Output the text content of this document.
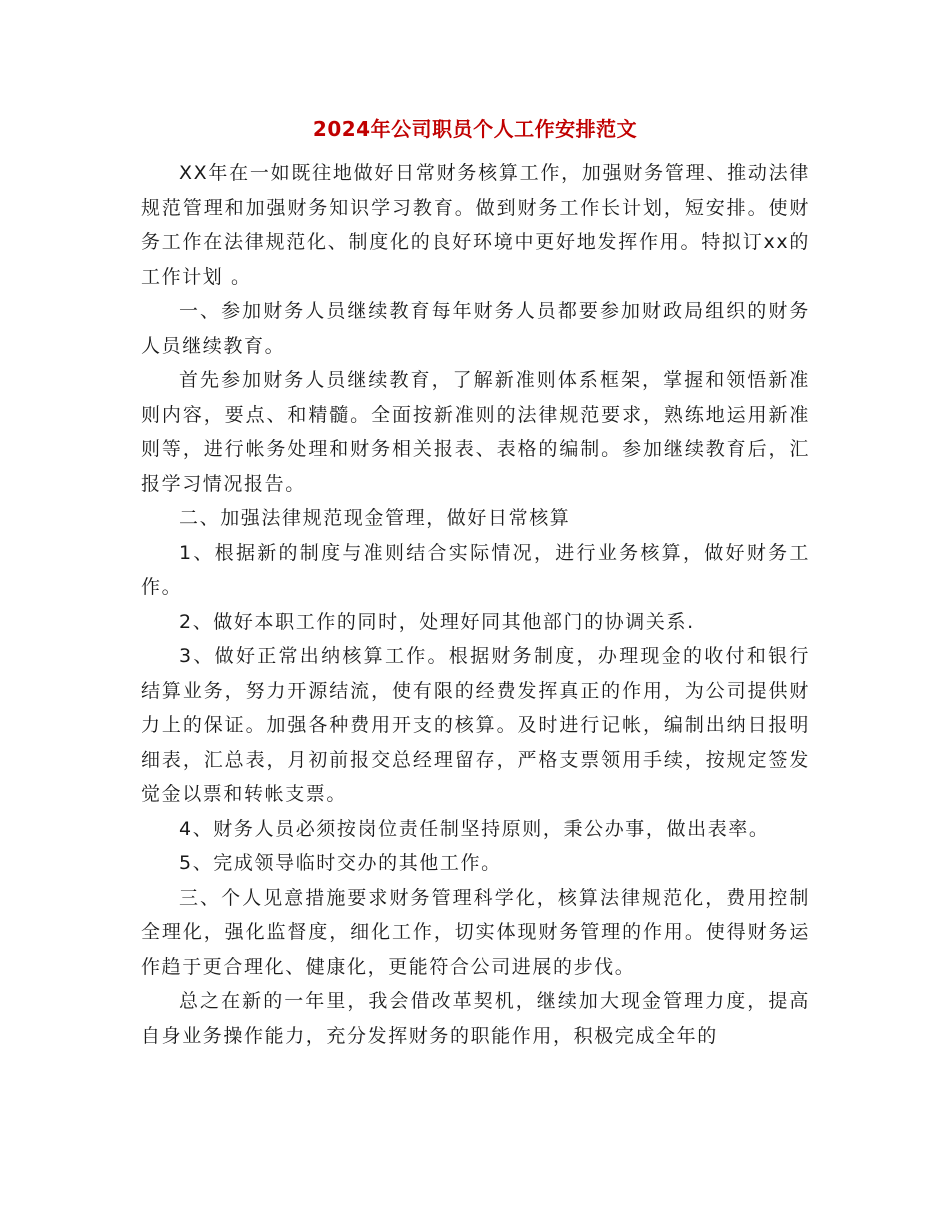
2024年公司职员个人工作安排范文

XX年在一如既往地做好日常财务核算工作，加强财务管理、推动法律规范管理和加强财务知识学习教育。做到财务工作长计划，短安排。使财务工作在法律规范化、制度化的良好环境中更好地发挥作用。特拟订xx的 工作计划 。

一、参加财务人员继续教育每年财务人员都要参加财政局组织的财务人员继续教育。

首先参加财务人员继续教育，了解新准则体系框架，掌握和领悟新准则内容，要点、和精髓。全面按新准则的法律规范要求，熟练地运用新准则等，进行帐务处理和财务相关报表、表格的编制。参加继续教育后，汇报学习情况报告。

二、加强法律规范现金管理，做好日常核算

1、根据新的制度与准则结合实际情况，进行业务核算，做好财务工作。

2、做好本职工作的同时，处理好同其他部门的协调关系.

3、做好正常出纳核算工作。根据财务制度，办理现金的收付和银行结算业务，努力开源结流，使有限的经费发挥真正的作用，为公司提供财力上的保证。加强各种费用开支的核算。及时进行记帐，编制出纳日报明细表，汇总表，月初前报交总经理留存，严格支票领用手续，按规定签发觉金以票和转帐支票。

4、财务人员必须按岗位责任制坚持原则，秉公办事，做出表率。

5、完成领导临时交办的其他工作。

三、个人见意措施要求财务管理科学化，核算法律规范化，费用控制全理化，强化监督度，细化工作，切实体现财务管理的作用。使得财务运作趋于更合理化、健康化，更能符合公司进展的步伐。

总之在新的一年里，我会借改革契机，继续加大现金管理力度，提高自身业务操作能力，充分发挥财务的职能作用，积极完成全年的
